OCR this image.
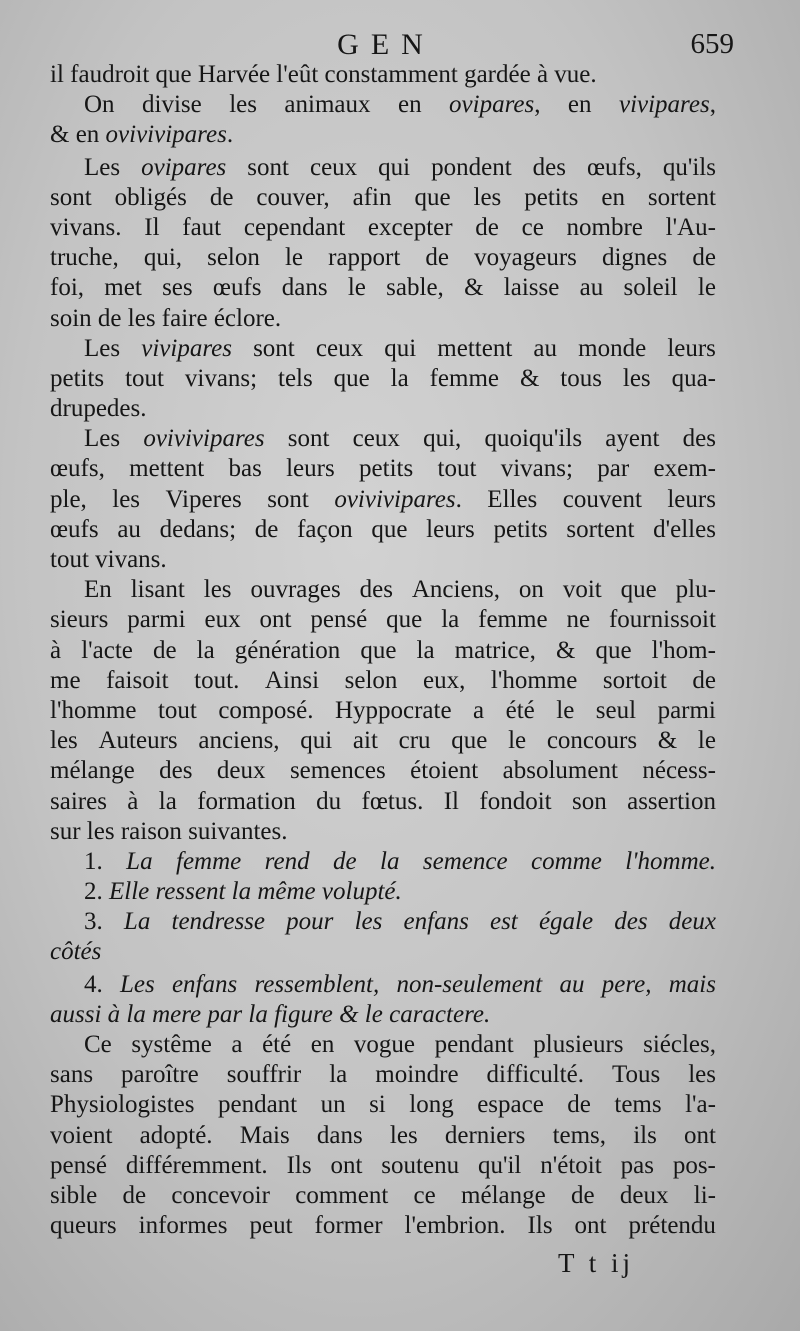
GEN	659
il faudroit que Harvée l'eût constamment gardée à vue.
On divise les animaux en ovipares, en vivipares,
& en ovivivipares.
Les ovipares sont ceux qui pondent des œufs, qu'ils
sont obligés de couver, afin que les petits en sortent
vivans. Il faut cependant excepter de ce nombre l'Au-
truche, qui, selon le rapport de voyageurs dignes de
foi, met ses œufs dans le sable, & laisse au soleil le
soin de les faire éclore.
Les vivipares sont ceux qui mettent au monde leurs
petits tout vivans; tels que la femme & tous les qua-
drupedes.
Les ovivivipares sont ceux qui, quoiqu'ils ayent des
œufs, mettent bas leurs petits tout vivans; par exem-
ple, les Viperes sont ovivivipares. Elles couvent leurs
œufs au dedans; de façon que leurs petits sortent d'elles
tout vivans.
En lisant les ouvrages des Anciens, on voit que plu-
sieurs parmi eux ont pensé que la femme ne fournissoit
à l'acte de la génération que la matrice, & que l'hom-
me faisoit tout. Ainsi selon eux, l'homme sortoit de
l'homme tout composé. Hyppocrate a été le seul parmi
les Auteurs anciens, qui ait cru que le concours & le
mélange des deux semences étoient absolument nécess-
saires à la formation du fœtus. Il fondoit son assertion
sur les raison suivantes.
1. La femme rend de la semence comme l'homme.
2. Elle ressent la même volupté.
3. La tendresse pour les enfans est égale des deux
côtés
4. Les enfans ressemblent, non-seulement au pere, mais
aussi à la mere par la figure & le caractere.
Ce systême a été en vogue pendant plusieurs siécles,
sans paroître souffrir la moindre difficulté. Tous les
Physiologistes pendant un si long espace de tems l'a-
voient adopté. Mais dans les derniers tems, ils ont
pensé différemment. Ils ont soutenu qu'il n'étoit pas pos-
sible de concevoir comment ce mélange de deux li-
queurs informes peut former l'embrion. Ils ont prétendu
T t ij
